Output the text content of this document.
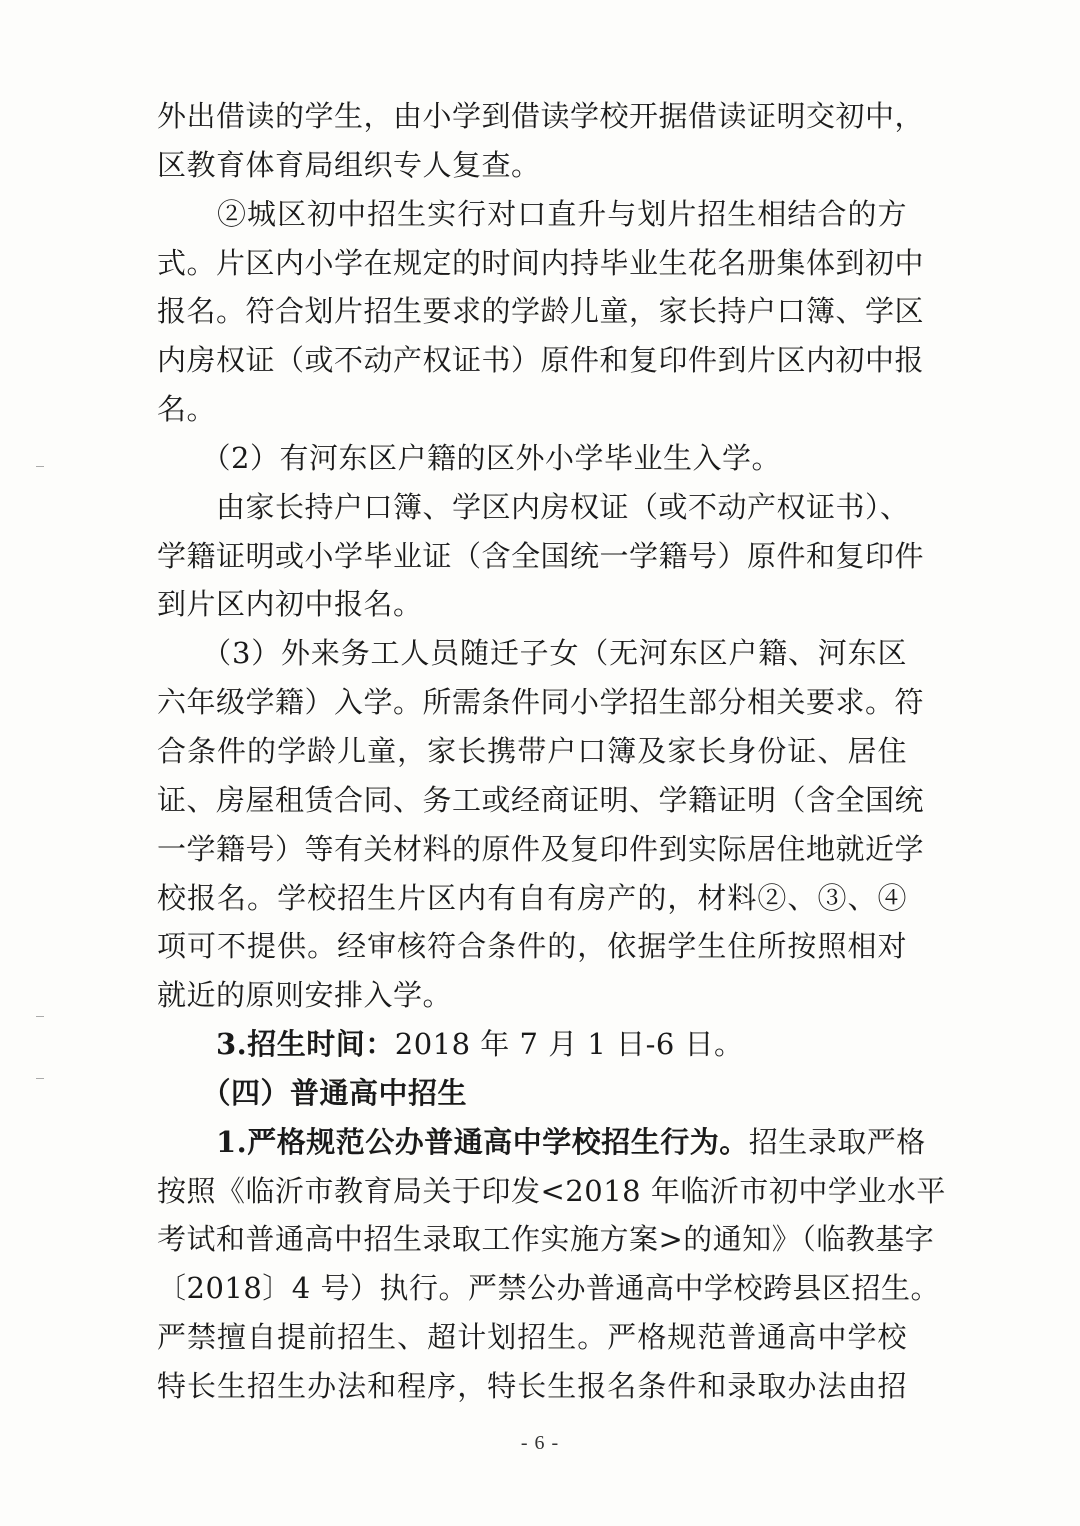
外出借读的学生，由小学到借读学校开据借读证明交初中，
区教育体育局组织专人复查。
　　②城区初中招生实行对口直升与划片招生相结合的方
式。片区内小学在规定的时间内持毕业生花名册集体到初中
报名。符合划片招生要求的学龄儿童，家长持户口簿、学区
内房权证（或不动产权证书）原件和复印件到片区内初中报
名。
　　（2）有河东区户籍的区外小学毕业生入学。
　　由家长持户口簿、学区内房权证（或不动产权证书）、
学籍证明或小学毕业证（含全国统一学籍号）原件和复印件
到片区内初中报名。
　　（3）外来务工人员随迁子女（无河东区户籍、河东区
六年级学籍）入学。所需条件同小学招生部分相关要求。符
合条件的学龄儿童，家长携带户口簿及家长身份证、居住
证、房屋租赁合同、务工或经商证明、学籍证明（含全国统
一学籍号）等有关材料的原件及复印件到实际居住地就近学
校报名。学校招生片区内有自有房产的，材料②、③、④
项可不提供。经审核符合条件的，依据学生住所按照相对
就近的原则安排入学。
　　3.招生时间：2018 年 7 月 1 日-6 日。
　　（四）普通高中招生
　　1.严格规范公办普通高中学校招生行为。招生录取严格
按照《临沂市教育局关于印发<2018 年临沂市初中学业水平
考试和普通高中招生录取工作实施方案>的通知》（临教基字
〔2018〕4 号）执行。严禁公办普通高中学校跨县区招生。
严禁擅自提前招生、超计划招生。严格规范普通高中学校
特长生招生办法和程序，特长生报名条件和录取办法由招
- 6 -
